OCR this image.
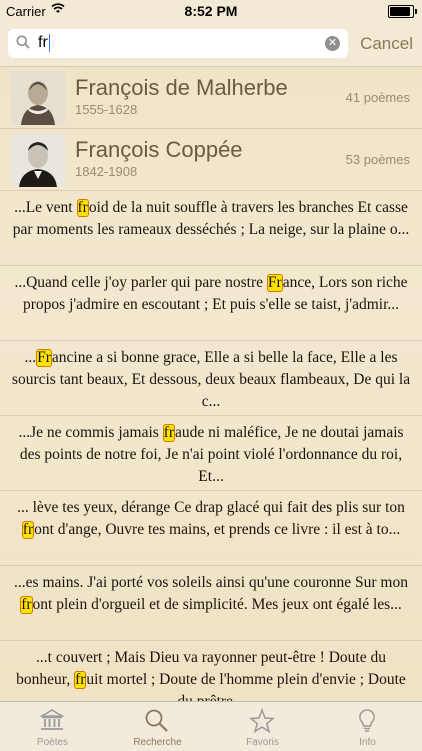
Carrier	8:52 PM
fr	✕ Cancel
François de Malherbe
1555-1628
41 poèmes
François Coppée
1842-1908
53 poèmes
...Le vent froid de la nuit souffle à travers les branches Et casse par moments les rameaux desséchés ; La neige, sur la plaine o...
...Quand celle j'oy parler qui pare nostre France, Lors son riche propos j'admire en escoutant ; Et puis s'elle se taist, j'admir...
...Francine a si bonne grace, Elle a si belle la face, Elle a les sourcis tant beaux, Et dessous, deux beaux flambeaux, De qui la c...
...Je ne commis jamais fraude ni maléfice, Je ne doutai jamais des points de notre foi, Je n'ai point violé l'ordonnance du roi, Et...
... lève tes yeux, dérange Ce drap glacé qui fait des plis sur ton front d'ange, Ouvre tes mains, et prends ce livre : il est à to...
...es mains. J'ai porté vos soleils ainsi qu'une couronne Sur mon front plein d'orgueil et de simplicité. Mes jeux ont égalé les...
...t couvert ; Mais Dieu va rayonner peut-être ! Doute du bonheur, fruit mortel ; Doute de l'homme plein d'envie ; Doute
Poètes	Recherche	Favoris	Info
